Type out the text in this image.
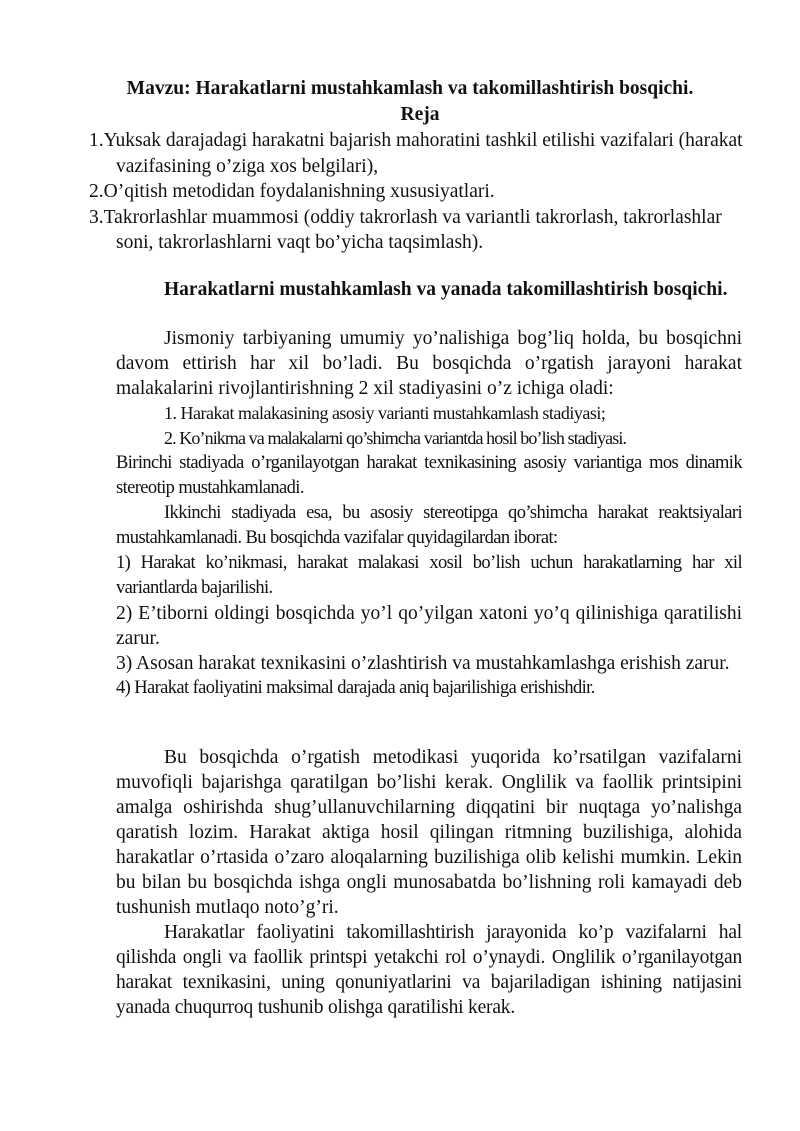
Mavzu: Harakatlarni mustahkamlash va takomillashtirish bosqichi.
Reja
1.Yuksak darajadagi harakatni bajarish mahoratini tashkil etilishi vazifalari (harakat vazifasining o’ziga xos belgilari),
2.O’qitish metodidan foydalanishning xususiyatlari.
3.Takrorlashlar muammosi (oddiy takrorlash va variantli takrorlash, takrorlashlar soni, takrorlashlarni vaqt bo’yicha taqsimlash).
Harakatlarni mustahkamlash va yanada takomillashtirish bosqichi.
Jismoniy tarbiyaning umumiy yo’nalishiga bog’liq holda, bu bosqichni davom ettirish har xil bo’ladi. Bu bosqichda o’rgatish jarayoni harakat malakalarini rivojlantirishning 2 xil stadiyasini o’z ichiga oladi:
1. Harakat malakasining asosiy varianti mustahkamlash stadiyasi;
2. Ko’nikma va malakalarni qo’shimcha variantda hosil bo’lish stadiyasi.
Birinchi stadiyada o’rganilayotgan harakat texnikasining asosiy variantiga mos dinamik stereotip mustahkamlanadi.
Ikkinchi stadiyada esa, bu asosiy stereotipga qo’shimcha harakat reaktsiyalari mustahkamlanadi. Bu bosqichda vazifalar quyidagilardan iborat:
1) Harakat ko’nikmasi, harakat malakasi xosil bo’lish uchun harakatlarning har xil variantlarda bajarilishi.
2) E’tiborni oldingi bosqichda yo’l qo’yilgan xatoni yo’q qilinishiga qaratilishi zarur.
3) Asosan harakat texnikasini o’zlashtirish va mustahkamlashga erishish zarur.
4) Harakat faoliyatini maksimal darajada aniq bajarilishiga erishishdir.
Bu bosqichda o’rgatish metodikasi yuqorida ko’rsatilgan vazifalarni muvofiqli bajarishga qaratilgan bo’lishi kerak. Onglilik va faollik printsipini amalga oshirishda shug’ullanuvchilarning diqqatini bir nuqtaga yo’nalishga qaratish lozim. Harakat aktiga hosil qilingan ritmning buzilishiga, alohida harakatlar o’rtasida o’zaro aloqalarning buzilishiga olib kelishi mumkin. Lekin bu bilan bu bosqichda ishga ongli munosabatda bo’lishning roli kamayadi deb tushunish mutlaqo noto’g’ri.
Harakatlar faoliyatini takomillashtirish jarayonida ko’p vazifalarni hal qilishda ongli va faollik printspi yetakchi rol o’ynaydi. Onglilik o’rganilayotgan harakat texnikasini, uning qonuniyatlarini va bajariladigan ishining natijasini yanada chuqurroq tushunib olishga qaratilishi kerak.
